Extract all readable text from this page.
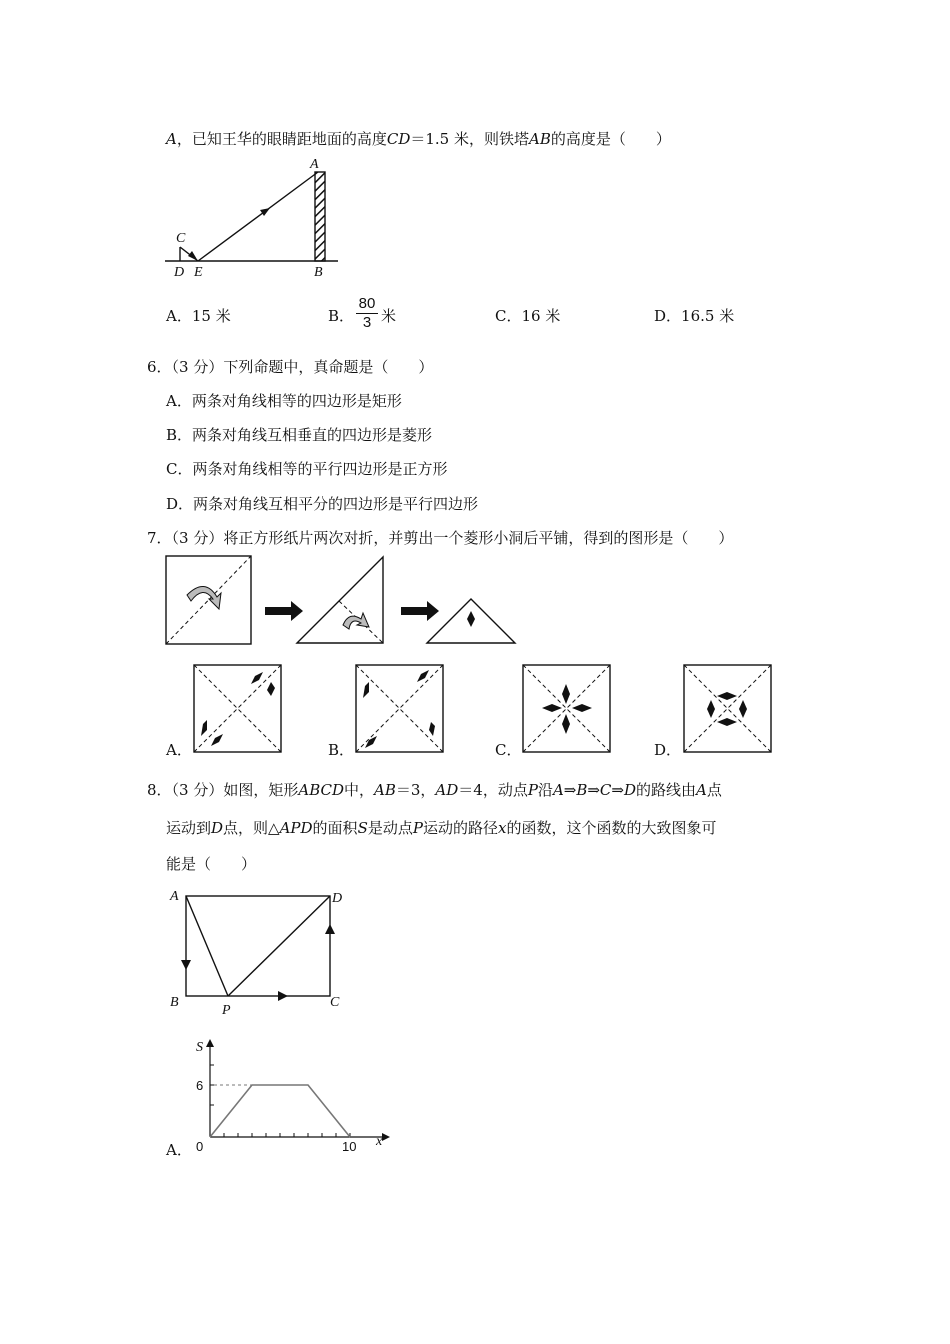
A，已知王华的眼睛距地面的高度CD＝1.5 米，则铁塔AB的高度是（　　）
A
B
C
D E
A．15 米	B．
80
3 米	C．16 米	D．16.5 米
6．（3 分）下列命题中，真命题是（　　）
A．两条对角线相等的四边形是矩形
B．两条对角线互相垂直的四边形是菱形
C．两条对角线相等的平行四边形是正方形
D．两条对角线互相平分的四边形是平行四边形
7．（3 分）将正方形纸片两次对折，并剪出一个菱形小洞后平铺，得到的图形是（　　）
A．	B．	C．	D．
8．（3 分）如图，矩形ABCD中，AB＝3，AD＝4，动点P沿A⇒B⇒C⇒D的路线由A点
运动到D点，则△APD的面积S是动点P运动的路径x的函数，这个函数的大致图象可
能是（　　）
A
B	C
D
P
A．
S
x
6
0	10
